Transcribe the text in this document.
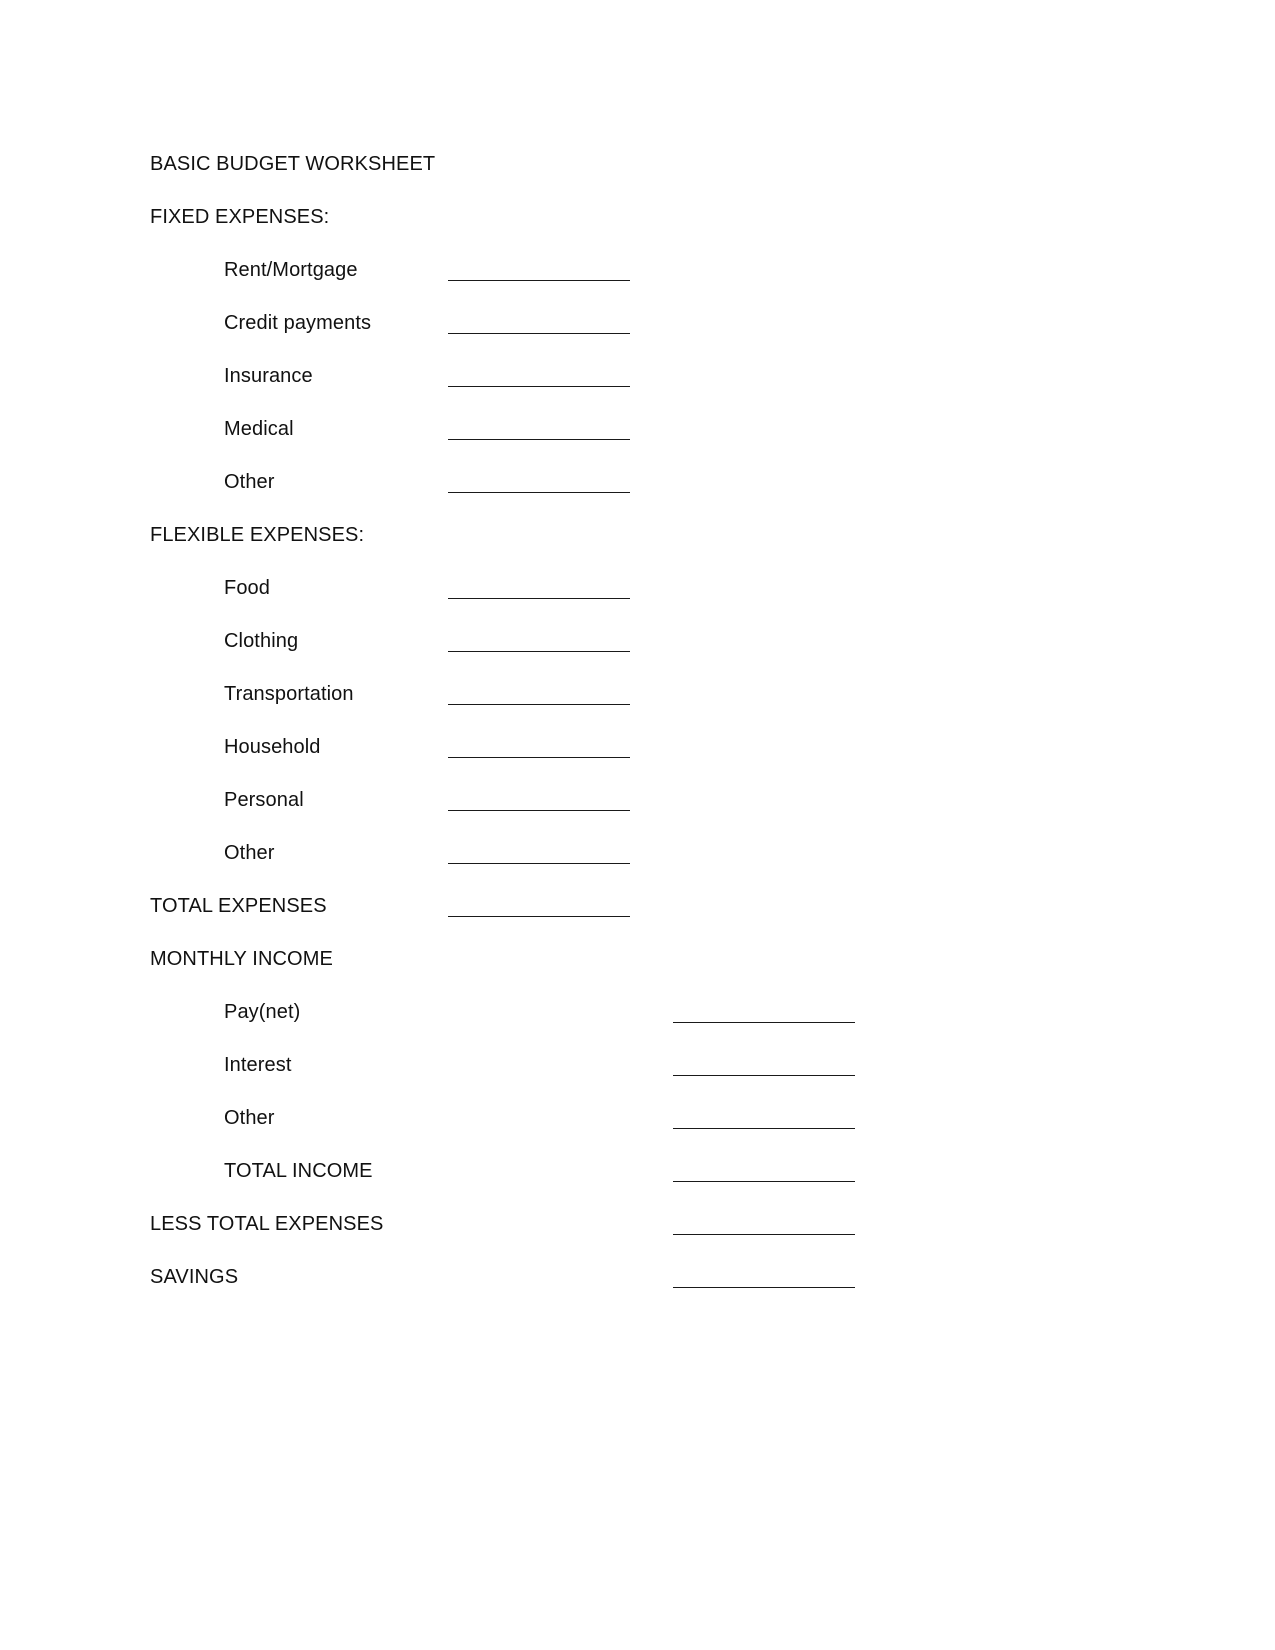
BASIC BUDGET WORKSHEET
FIXED EXPENSES:
Rent/Mortgage
Credit payments
Insurance
Medical
Other
FLEXIBLE EXPENSES:
Food
Clothing
Transportation
Household
Personal
Other
TOTAL EXPENSES
MONTHLY INCOME
Pay(net)
Interest
Other
TOTAL INCOME
LESS TOTAL EXPENSES
SAVINGS
